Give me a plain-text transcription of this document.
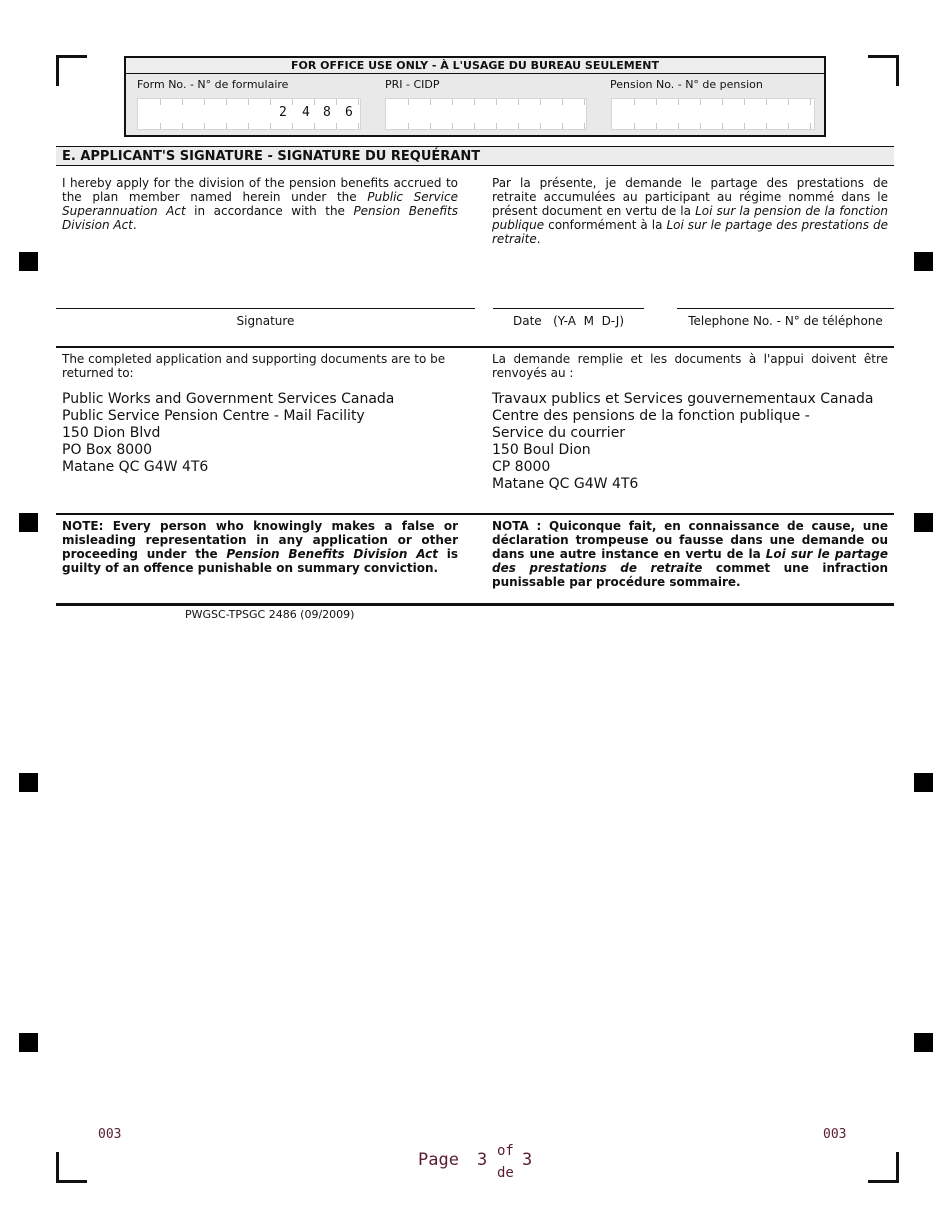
FOR OFFICE USE ONLY - À L'USAGE DU BUREAU SEULEMENT
Form No. - N° de formulaire	PRI - CIDP	Pension No. - N° de pension
2 4 8 6
E. APPLICANT'S SIGNATURE - SIGNATURE DU REQUÉRANT
I hereby apply for the division of the pension benefits accrued to the plan member named herein under the Public Service Superannuation Act in accordance with the Pension Benefits Division Act.
Par la présente, je demande le partage des prestations de retraite accumulées au participant au régime nommé dans le présent document en vertu de la Loi sur la pension de la fonction publique conformément à la Loi sur le partage des prestations de retraite.
Signature	Date   (Y-A  M  D-J)	Telephone No. - N° de téléphone
The completed application and supporting documents are to be returned to:
La demande remplie et les documents à l'appui doivent être renvoyés au :
Public Works and Government Services Canada
Public Service Pension Centre - Mail Facility
150 Dion Blvd
PO Box 8000
Matane QC G4W 4T6
Travaux publics et Services gouvernementaux Canada
Centre des pensions de la fonction publique -
Service du courrier
150 Boul Dion
CP 8000
Matane QC G4W 4T6
NOTE: Every person who knowingly makes a false or misleading representation in any application or other proceeding under the Pension Benefits Division Act is guilty of an offence punishable on summary conviction.
NOTA : Quiconque fait, en connaissance de cause, une déclaration trompeuse ou fausse dans une demande ou dans une autre instance en vertu de la Loi sur le partage des prestations de retraite commet une infraction punissable par procédure sommaire.
PWGSC-TPSGC 2486 (09/2009)
003	003
Page 3 of
de
3
